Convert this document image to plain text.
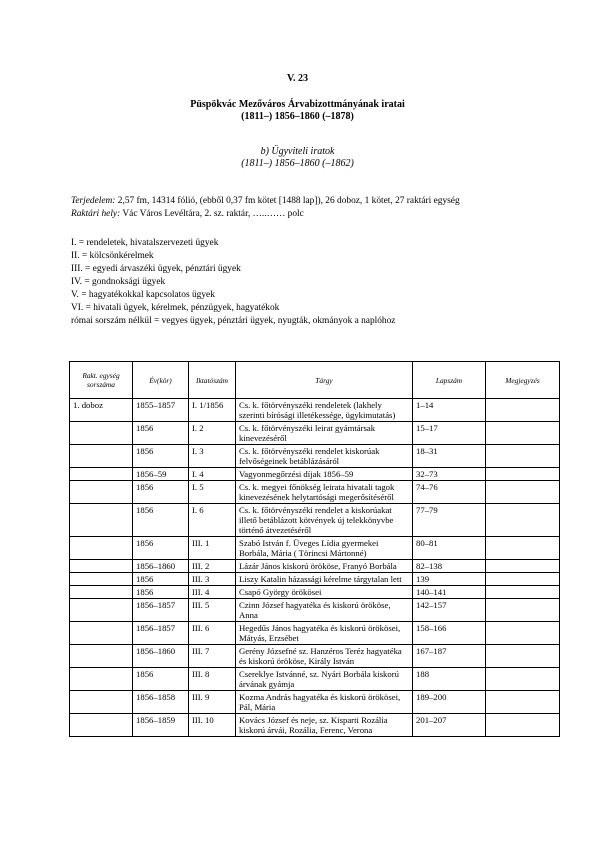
V. 23
Püspökvác Mezőváros Árvabizottmányának iratai
(1811–) 1856–1860 (–1878)
b) Ügyviteli iratok
(1811–) 1856–1860 (–1862)
Terjedelem: 2,57 fm, 14314 fólió, (ebből 0,37 fm kötet [1488 lap]), 26 doboz, 1 kötet, 27 raktári egység
Raktári hely: Vác Város Levéltára, 2. sz. raktár, …..…… polc
I. = rendeletek, hivatalszervezeti ügyek
II. = kölcsönkérelmek
III. = egyedi árvaszéki ügyek, pénztári ügyek
IV. = gondnoksági ügyek
V. = hagyatékokkal kapcsolatos ügyek
VI. = hivatali ügyek, kérelmek, pénzügyek, hagyatékok
római sorszám nélkül = vegyes ügyek, pénztári ügyek, nyugták, okmányok a naplóhoz
Rakt. egység
sorszáma	Év(kör)	Iktatószám	Tárgy	Lapszám	Megjegyzés
1. doboz	1855–1857	I. 1/1856	Cs. k. főtörvényszéki rendeletek (lakhely szerinti bírósági illetékessége, ügykimutatás)	1–14	
	1856	I. 2	Cs. k. főtörvényszéki leirat gyámtársak kinevezéséről	15–17	
	1856	I. 3	Cs. k. főtörvényszéki rendelet kiskorúak felvőségeinek betáblázásáról	18–31	
	1856–59	I. 4	Vagyonmegőrzési díjak 1856–59	32–73	
	1856	I. 5	Cs. k. megyei főnökség leirata hivatali tagok kinevezésének helytartósági megerősítéséről	74–76	
	1856	I. 6	Cs. k. főtörvényszéki rendelet a kiskorúakat illető betáblázott kötvények új telekkönyvbe történő átvezetéséről	77–79	
	1856	III. 1	Szabó István f. Üveges Lídia gyermekei Borbála, Mária ( Törincsi Mártonné)	80–81	
	1856–1860	III. 2	Lázár János kiskorú örököse, Franyó Borbála	82–138	
	1856	III. 3	Liszy Katalin házassági kérelme tárgytalan lett	139	
	1856	III. 4	Csapó György örökösei	140–141	
	1856–1857	III. 5	Czinn József hagyatéka és kiskorú örököse, Anna	142–157	
	1856–1857	III. 6	Hegedűs János hagyatéka és kiskorú örökösei, Mátyás, Erzsébet	158–166	
	1856–1860	III. 7	Gerény Józsefné sz. Hanzéros Teréz hagyatéka és kiskorú örököse, Király István	167–187	
	1856	III. 8	Csereklye Istvánné, sz. Nyári Borbála kiskorú árvának gyámja	188	
	1856–1858	III. 9	Kozma András hagyatéka és kiskorú örökösei, Pál, Mária	189–200	
	1856–1859	III. 10	Kovács József és neje, sz. Kisparti Rozália kiskorú árvái, Rozália, Ferenc, Verona	201–207	
